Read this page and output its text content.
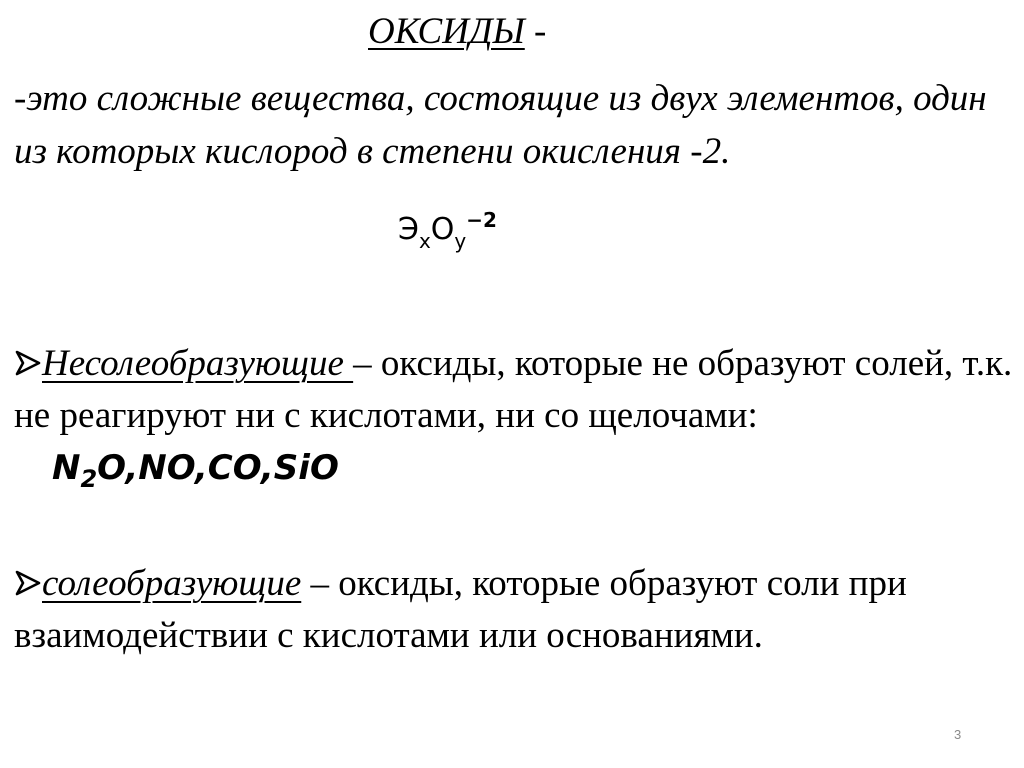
ОКСИДЫ -
-это сложные вещества, состоящие из двух элементов, один из которых кислород в степени окисления -2.
$Э_xO_y^{-2}$
Несолеобразующие – оксиды, которые не образуют солей, т.к. не реагируют ни с кислотами, ни со щелочами: $N_2O,NO,CO,SiO$
солеобразующие – оксиды, которые образуют соли при взаимодействии с кислотами или основаниями.
3
